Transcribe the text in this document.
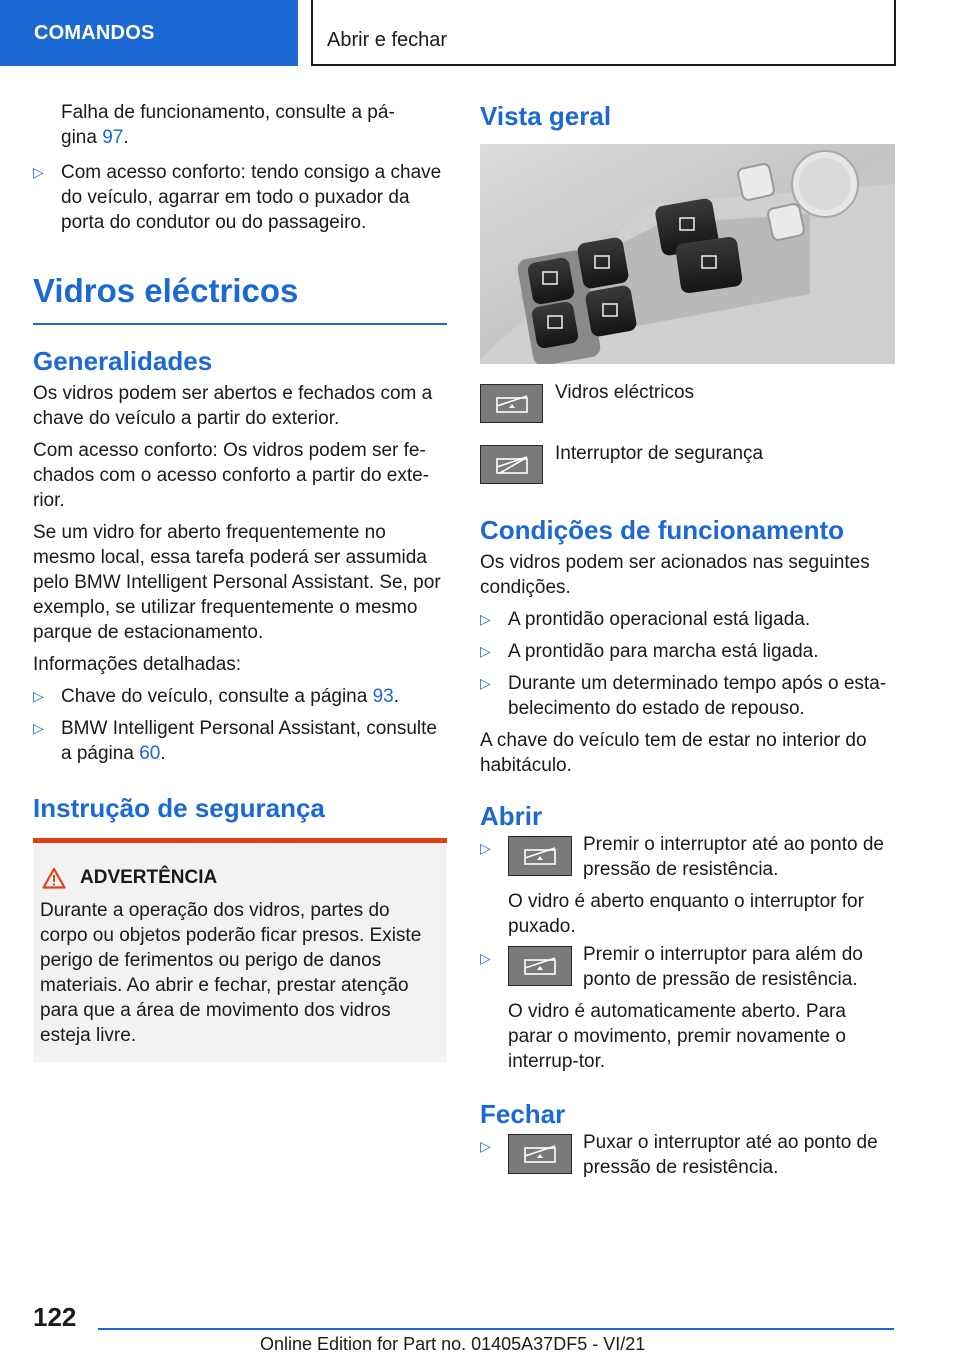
COMANDOS	Abrir e fechar
Falha de funcionamento, consulte a pá-
gina 97.
▷ Com acesso conforto: tendo consigo a chave do veículo, agarrar em todo o puxador da porta do condutor ou do passageiro.
Vidros eléctricos
Generalidades

Os vidros podem ser abertos e fechados com a chave do veículo a partir do exterior.

Com acesso conforto: Os vidros podem ser fe-chados com o acesso conforto a partir do exte-rior.

Se um vidro for aberto frequentemente no mesmo local, essa tarefa poderá ser assumida pelo BMW Intelligent Personal Assistant. Se, por exemplo, se utilizar frequentemente o mesmo parque de estacionamento.

Informações detalhadas:

▷ Chave do veículo, consulte a página 93.
▷ BMW Intelligent Personal Assistant, consulte a página 60.
Instrução de segurança
ADVERTÊNCIA
Durante a operação dos vidros, partes do corpo ou objetos poderão ficar presos. Existe perigo de ferimentos ou perigo de danos materiais. Ao abrir e fechar, prestar atenção para que a área de movimento dos vidros esteja livre.
Vista geral
Vidros eléctricos
Interruptor de segurança
Condições de funcionamento

Os vidros podem ser acionados nas seguintes condições.

▷ A prontidão operacional está ligada.
▷ A prontidão para marcha está ligada.
▷ Durante um determinado tempo após o esta-belecimento do estado de repouso.

A chave do veículo tem de estar no interior do habitáculo.

Abrir
▷	Premir o interruptor até ao ponto de pressão de resistência.

O vidro é aberto enquanto o interruptor for puxado.

▷	Premir o interruptor para além do ponto de pressão de resistência.

O vidro é automaticamente aberto. Para parar o movimento, premir novamente o interrup-tor.

Fechar
▷	Puxar o interruptor até ao ponto de pressão de resistência.
122
Online Edition for Part no. 01405A37DF5 - VI/21
